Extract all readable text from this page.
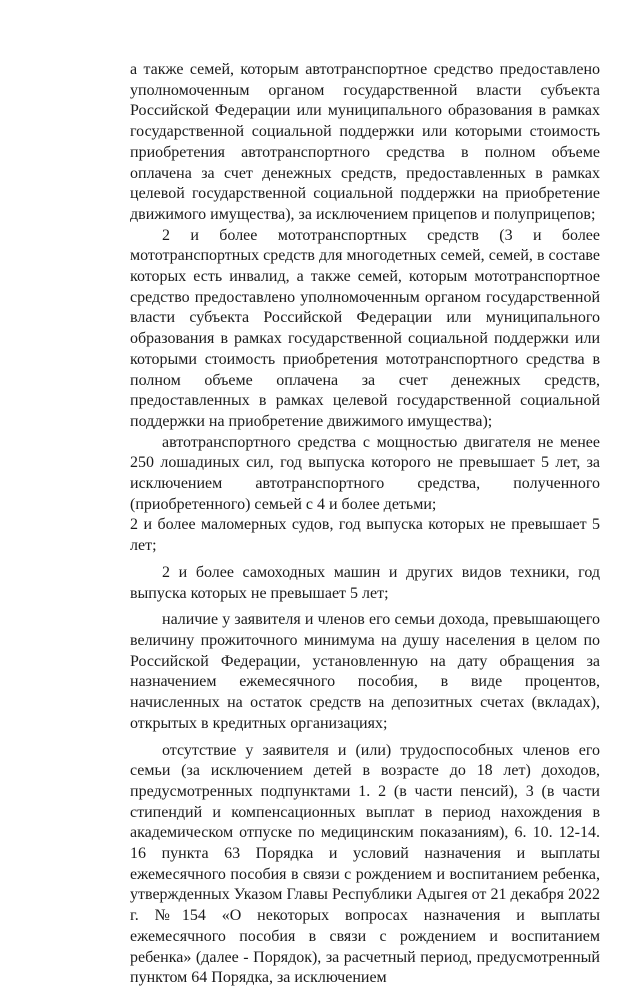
а также семей, которым автотранспортное средство предоставлено уполномоченным органом государственной власти субъекта Российской Федерации или муниципального образования в рамках государственной социальной поддержки или которыми стоимость приобретения автотранспортного средства в полном объеме оплачена за счет денежных средств, предоставленных в рамках целевой государственной социальной поддержки на приобретение движимого имущества), за исключением прицепов и полуприцепов;

2 и более мототранспортных средств (3 и более мототранспортных средств для многодетных семей, семей, в составе которых есть инвалид, а также семей, которым мототранспортное средство предоставлено уполномоченным органом государственной власти субъекта Российской Федерации или муниципального образования в рамках государственной социальной поддержки или которыми стоимость приобретения мототранспортного средства в полном объеме оплачена за счет денежных средств, предоставленных в рамках целевой государственной социальной поддержки на приобретение движимого имущества);

автотранспортного средства с мощностью двигателя не менее 250 лошадиных сил, год выпуска которого не превышает 5 лет, за исключением автотранспортного средства, полученного (приобретенного) семьей с 4 и более детьми;

2 и более маломерных судов, год выпуска которых не превышает 5 лет;

2 и более самоходных машин и других видов техники, год выпуска которых не превышает 5 лет;

наличие у заявителя и членов его семьи дохода, превышающего величину прожиточного минимума на душу населения в целом по Российской Федерации, установленную на дату обращения за назначением ежемесячного пособия, в виде процентов, начисленных на остаток средств на депозитных счетах (вкладах), открытых в кредитных организациях;

отсутствие у заявителя и (или) трудоспособных членов его семьи (за исключением детей в возрасте до 18 лет) доходов, предусмотренных подпунктами 1. 2 (в части пенсий), 3 (в части стипендий и компенсационных выплат в период нахождения в академическом отпуске по медицинским показаниям), 6. 10. 12-14. 16 пункта 63 Порядка и условий назначения и выплаты ежемесячного пособия в связи с рождением и воспитанием ребенка, утвержденных Указом Главы Республики Адыгея от 21 декабря 2022 г. №154 «О некоторых вопросах назначения и выплаты ежемесячного пособия в связи с рождением и воспитанием ребенка» (далее - Порядок), за расчетный период, предусмотренный пунктом 64 Порядка, за исключением
